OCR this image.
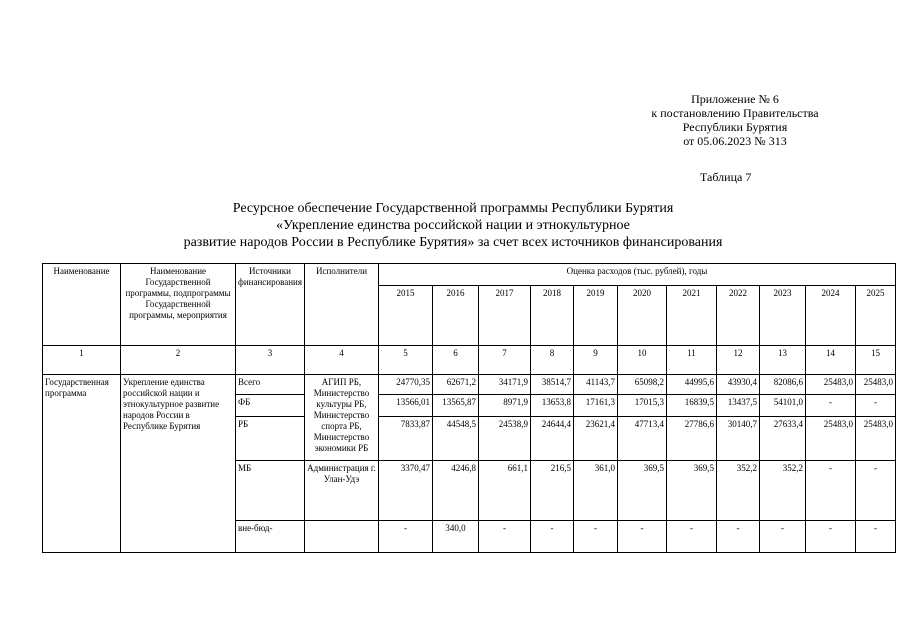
Приложение № 6
к постановлению Правительства
Республики Бурятия
от 05.06.2023 № 313
Таблица 7
Ресурсное обеспечение Государственной программы Республики Бурятия
«Укрепление единства российской нации и этнокультурное
развитие народов России в Республике Бурятия» за счет всех источников финансирования
Наименование	Наименование Государственной программы, подпрограммы Государственной программы, мероприятия	Источники финансирования	Исполнители	Оценка расходов (тыс. рублей), годы										
				2015	2016	2017	2018	2019	2020	2021	2022	2023	2024	2025
1	2	3	4	5	6	7	8	9	10	11	12	13	14	15
Государственная программа	Укрепление единства российской нации и этнокультурное развитие народов России в Республике Бурятия	Всего	АГИП РБ, Министерство культуры РБ, Министерство спорта РБ, Министерство экономики РБ	24770,35	62671,2	34171,9	38514,7	41143,7	65098,2	44995,6	43930,4	82086,6	25483,0	25483,0
		ФБ		13566,01	13565,87	8971,9	13653,8	17161,3	17015,3	16839,5	13437,5	54101,0	-	-
		РБ		7833,87	44548,5	24538,9	24644,4	23621,4	47713,4	27786,6	30140,7	27633,4	25483,0	25483,0
		МБ	Администрация г. Улан-Удэ	3370,47	4246,8	661,1	216,5	361,0	369,5	369,5	352,2	352,2	-	-
		вне-бюд-		-	340,0	-	-	-	-	-	-	-	-	-
